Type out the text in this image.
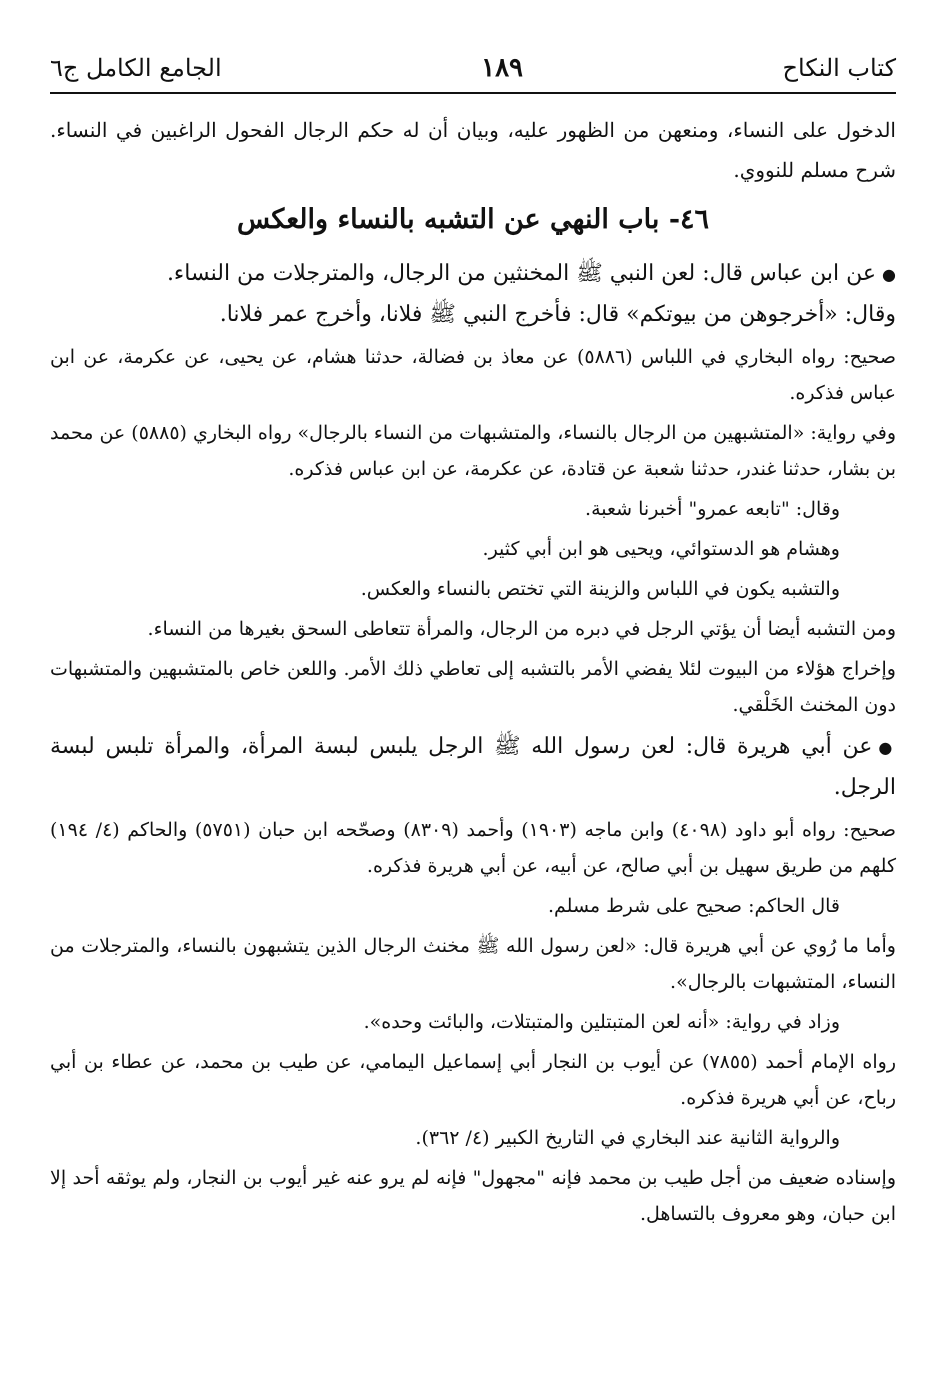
كتاب النكاح
١٨٩
الجامع الكامل ج٦

الدخول على النساء، ومنعهن من الظهور عليه، وبيان أن له حكم الرجال الفحول الراغبين في النساء. شرح مسلم للنووي.

٤٦- باب النهي عن التشبه بالنساء والعكس

●عن ابن عباس قال: لعن النبي ﷺ المخنثين من الرجال، والمترجلات من النساء.

وقال: «أخرجوهن من بيوتكم» قال: فأخرج النبي ﷺ فلانا، وأخرج عمر فلانا.

صحيح: رواه البخاري في اللباس (٥٨٨٦) عن معاذ بن فضالة، حدثنا هشام، عن يحيى، عن عكرمة، عن ابن عباس فذكره.

وفي رواية: «المتشبهين من الرجال بالنساء، والمتشبهات من النساء بالرجال» رواه البخاري (٥٨٨٥) عن محمد بن بشار، حدثنا غندر، حدثنا شعبة عن قتادة، عن عكرمة، عن ابن عباس فذكره.

وقال: "تابعه عمرو" أخبرنا شعبة.

وهشام هو الدستوائي، ويحيى هو ابن أبي كثير.

والتشبه يكون في اللباس والزينة التي تختص بالنساء والعكس.

ومن التشبه أيضا أن يؤتي الرجل في دبره من الرجال، والمرأة تتعاطى السحق بغيرها من النساء.

وإخراج هؤلاء من البيوت لئلا يفضي الأمر بالتشبه إلى تعاطي ذلك الأمر. واللعن خاص بالمتشبهين والمتشبهات دون المخنث الخَلْقي.

●عن أبي هريرة قال: لعن رسول الله ﷺ الرجل يلبس لبسة المرأة، والمرأة تلبس لبسة الرجل.

صحيح: رواه أبو داود (٤٠٩٨) وابن ماجه (١٩٠٣) وأحمد (٨٣٠٩) وصحّحه ابن حبان (٥٧٥١) والحاكم (٤/ ١٩٤) كلهم من طريق سهيل بن أبي صالح، عن أبيه، عن أبي هريرة فذكره.

قال الحاكم: صحيح على شرط مسلم.

وأما ما رُوي عن أبي هريرة قال: «لعن رسول الله ﷺ مخنث الرجال الذين يتشبهون بالنساء، والمترجلات من النساء، المتشبهات بالرجال».

وزاد في رواية: «أنه لعن المتبتلين والمتبتلات، والبائت وحده».

رواه الإمام أحمد (٧٨٥٥) عن أيوب بن النجار أبي إسماعيل اليمامي، عن طيب بن محمد، عن عطاء بن أبي رباح، عن أبي هريرة فذكره.

والرواية الثانية عند البخاري في التاريخ الكبير (٤/ ٣٦٢).

وإسناده ضعيف من أجل طيب بن محمد فإنه "مجهول" فإنه لم يرو عنه غير أيوب بن النجار، ولم يوثقه أحد إلا ابن حبان، وهو معروف بالتساهل.
